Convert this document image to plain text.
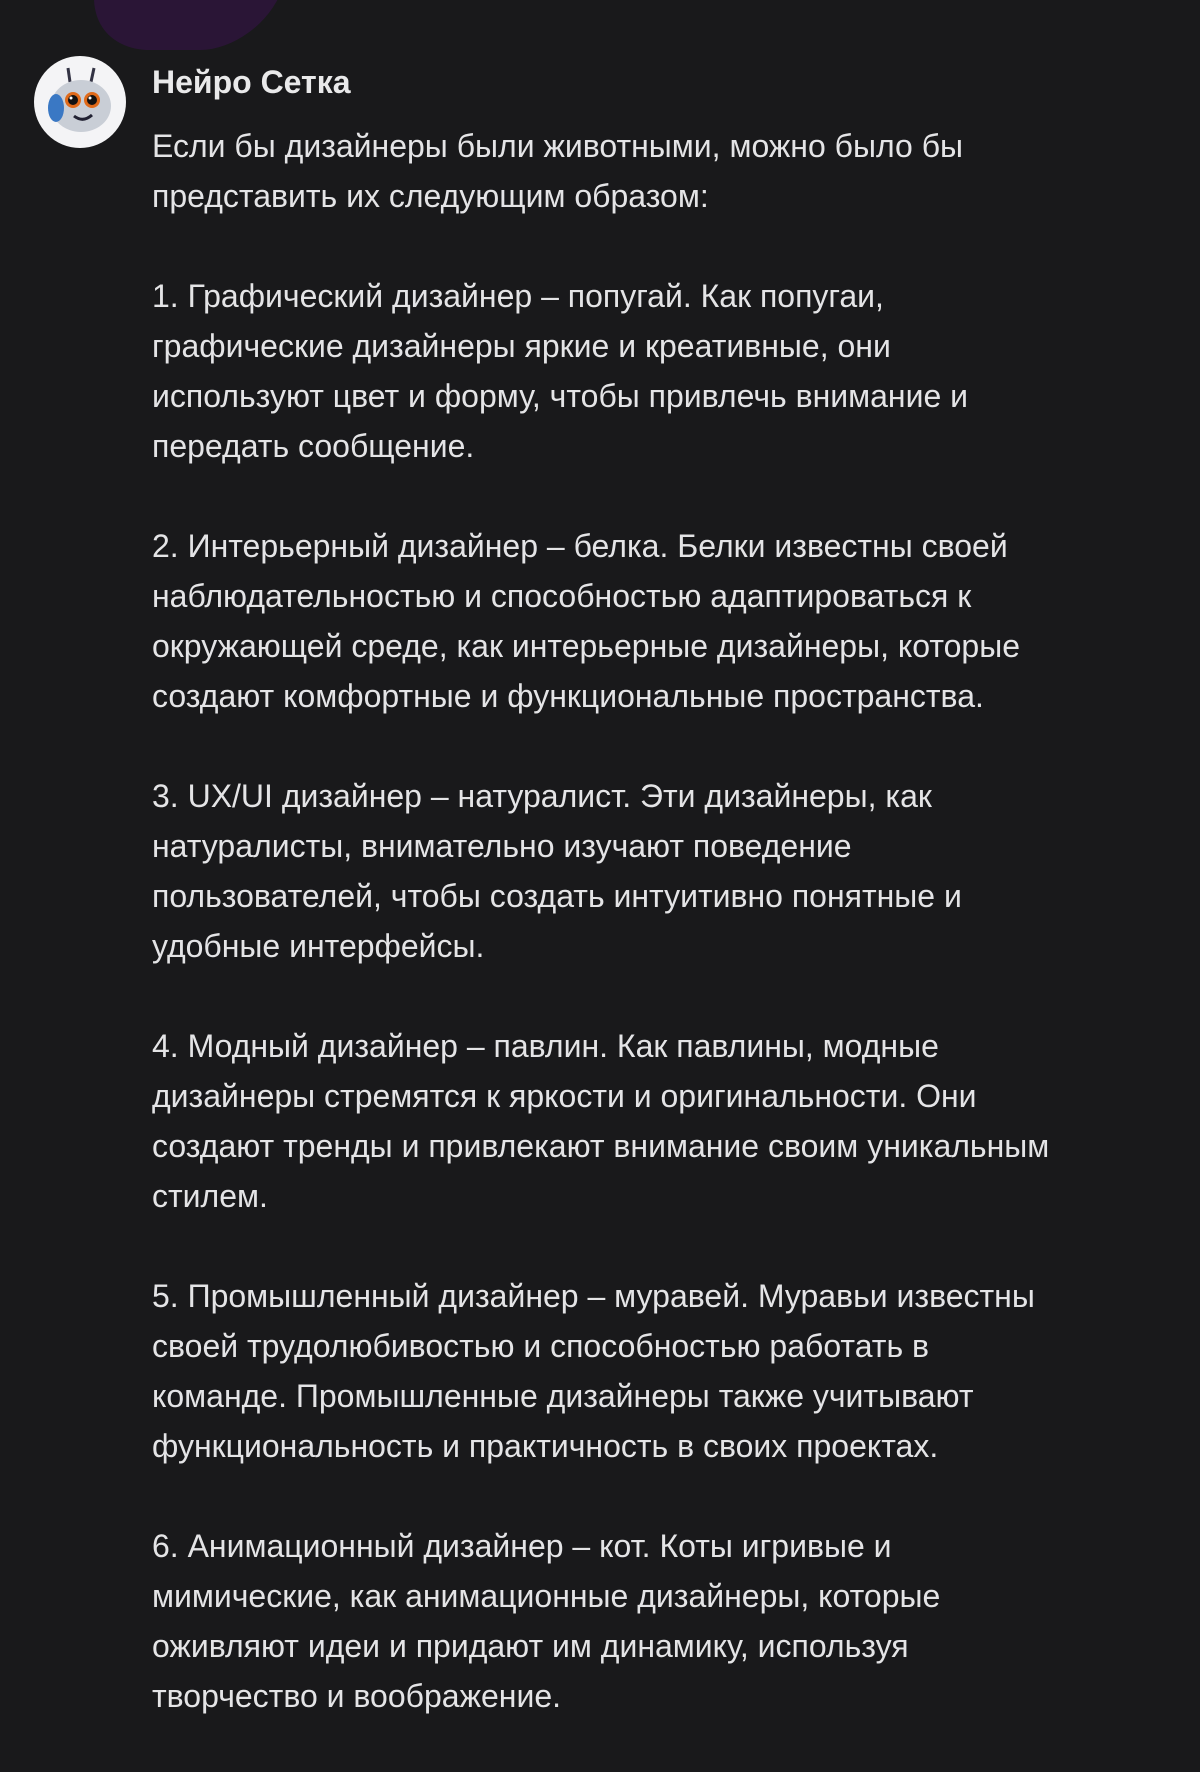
Нейро Сетка

Если бы дизайнеры были животными, можно было бы
представить их следующим образом:

1. Графический дизайнер – попугай. Как попугаи,
графические дизайнеры яркие и креативные, они
используют цвет и форму, чтобы привлечь внимание и
передать сообщение.

2. Интерьерный дизайнер – белка. Белки известны своей
наблюдательностью и способностью адаптироваться к
окружающей среде, как интерьерные дизайнеры, которые
создают комфортные и функциональные пространства.

3. UX/UI дизайнер – натуралист. Эти дизайнеры, как
натуралисты, внимательно изучают поведение
пользователей, чтобы создать интуитивно понятные и
удобные интерфейсы.

4. Модный дизайнер – павлин. Как павлины, модные
дизайнеры стремятся к яркости и оригинальности. Они
создают тренды и привлекают внимание своим уникальным
стилем.

5. Промышленный дизайнер – муравей. Муравьи известны
своей трудолюбивостью и способностью работать в
команде. Промышленные дизайнеры также учитывают
функциональность и практичность в своих проектах.

6. Анимационный дизайнер – кот. Коты игривые и
мимические, как анимационные дизайнеры, которые
оживляют идеи и придают им динамику, используя
творчество и воображение.
